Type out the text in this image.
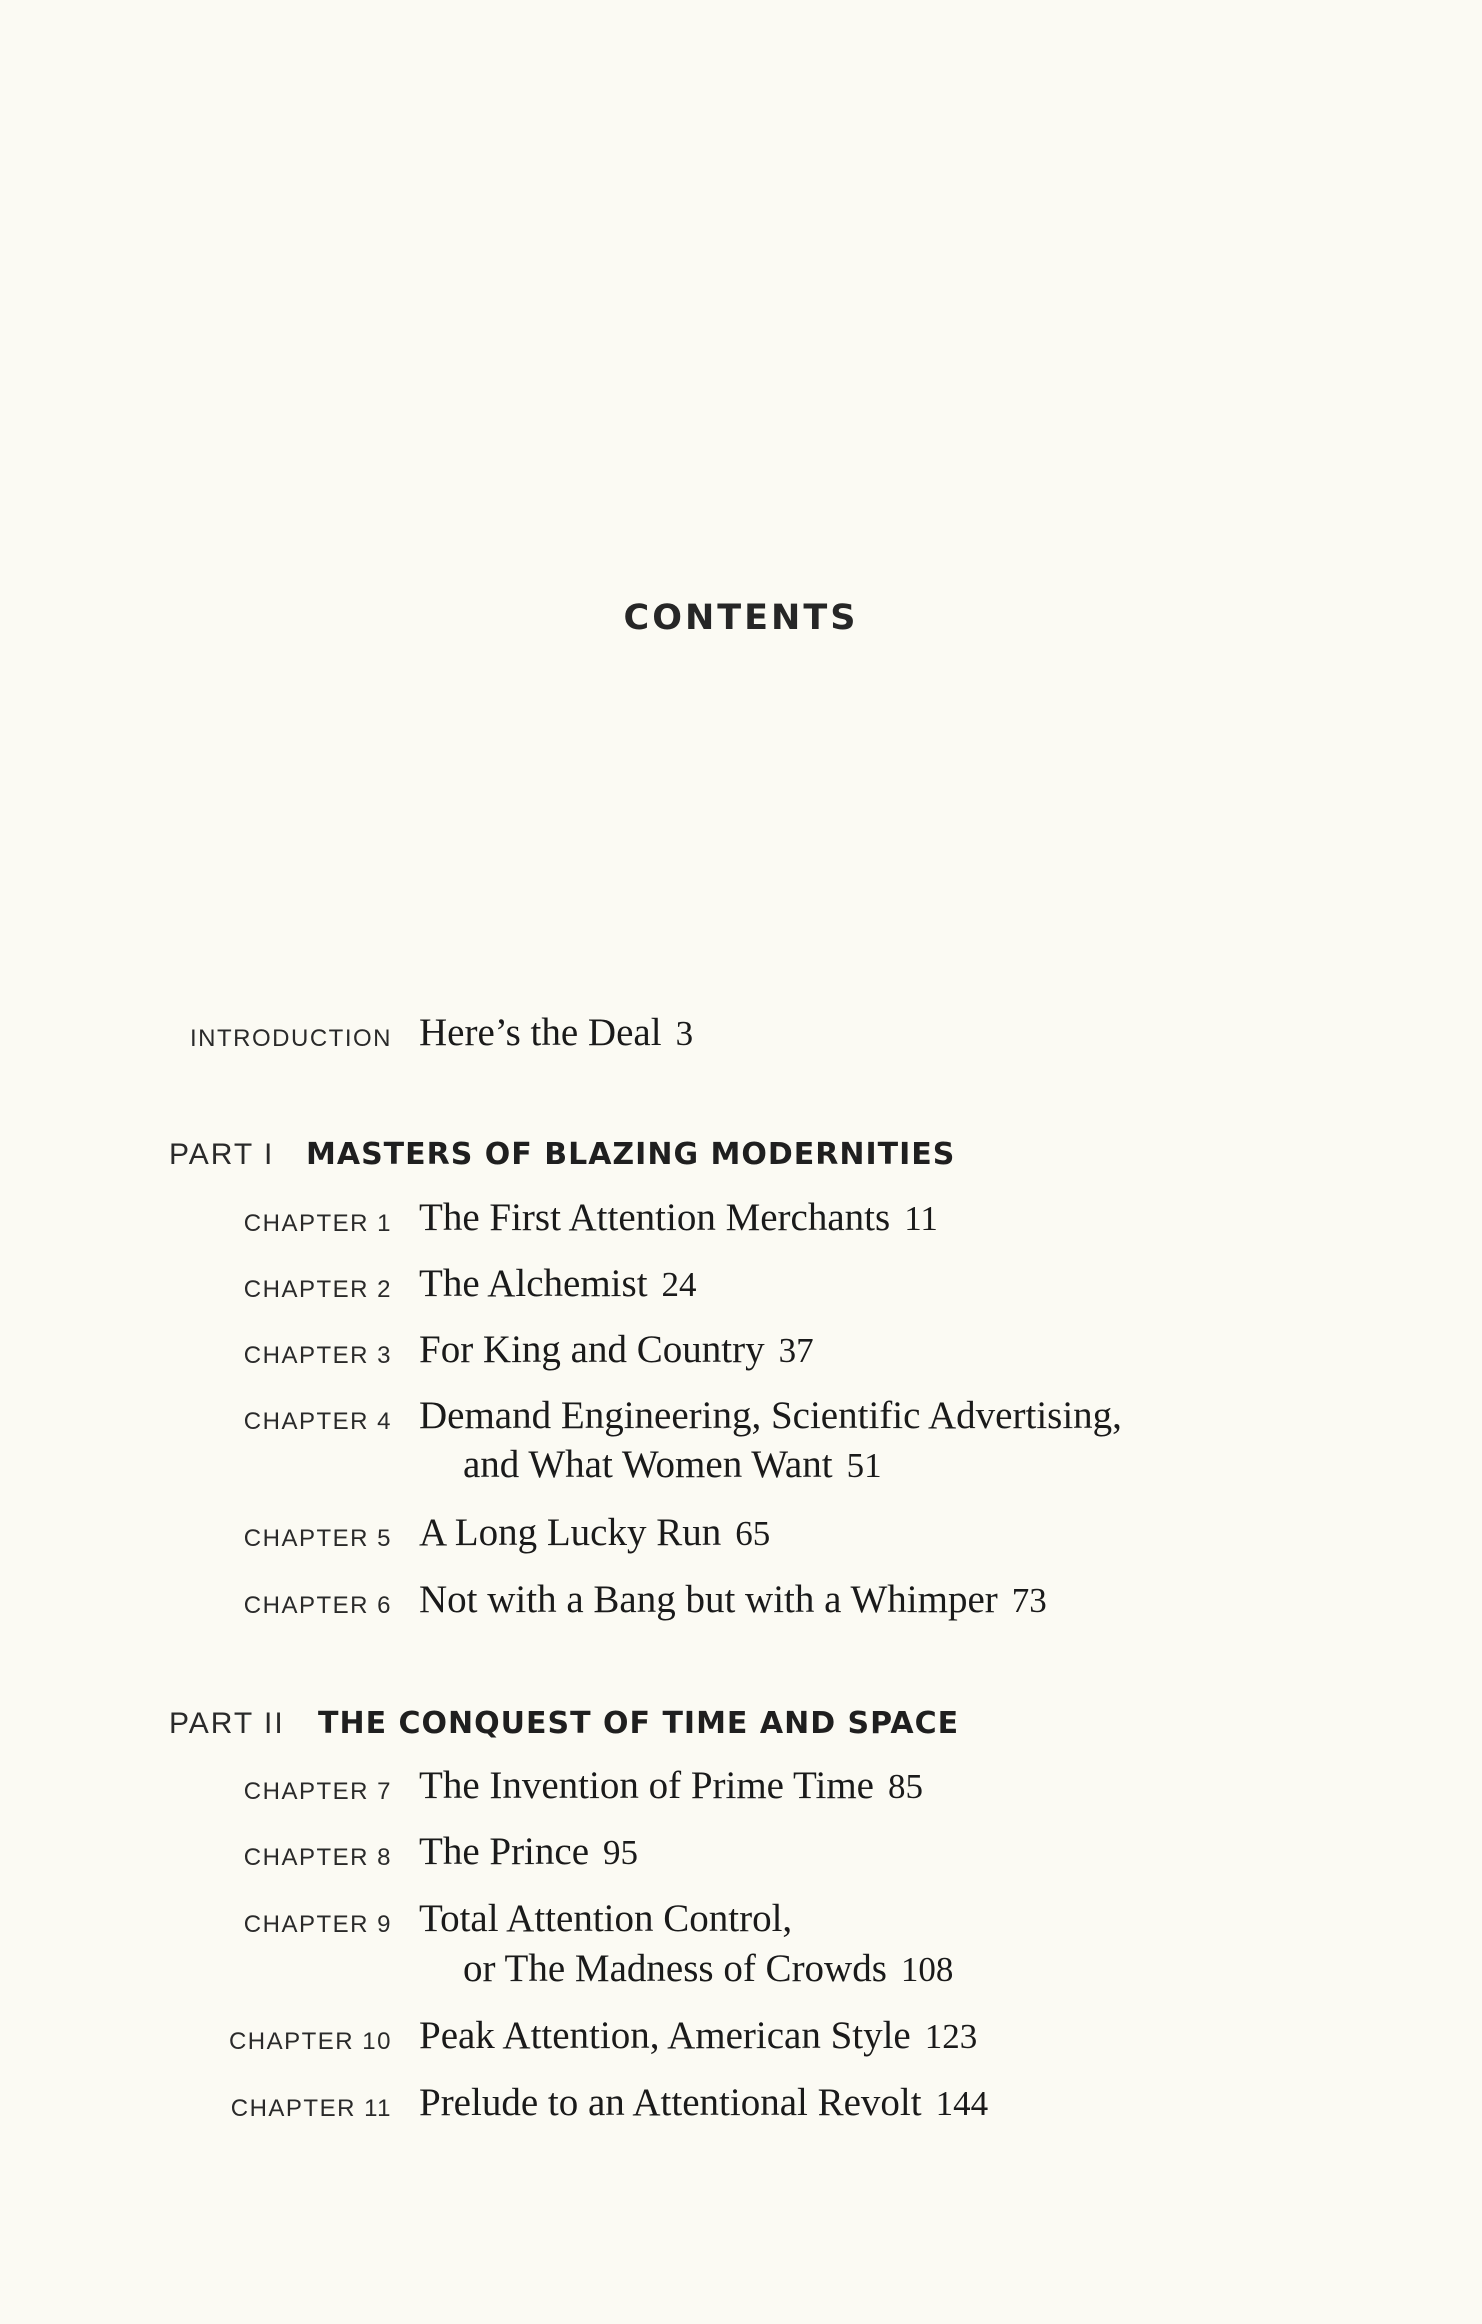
CONTENTS
INTRODUCTION Here’s the Deal 3
PART I MASTERS OF BLAZING MODERNITIES
CHAPTER 1 The First Attention Merchants 11
CHAPTER 2 The Alchemist 24
CHAPTER 3 For King and Country 37
CHAPTER 4 Demand Engineering, Scientific Advertising,
and What Women Want 51
CHAPTER 5 A Long Lucky Run 65
CHAPTER 6 Not with a Bang but with a Whimper 73
PART II THE CONQUEST OF TIME AND SPACE
CHAPTER 7 The Invention of Prime Time 85
CHAPTER 8 The Prince 95
CHAPTER 9 Total Attention Control,
or The Madness of Crowds 108
CHAPTER 10 Peak Attention, American Style 123
CHAPTER 11 Prelude to an Attentional Revolt 144
